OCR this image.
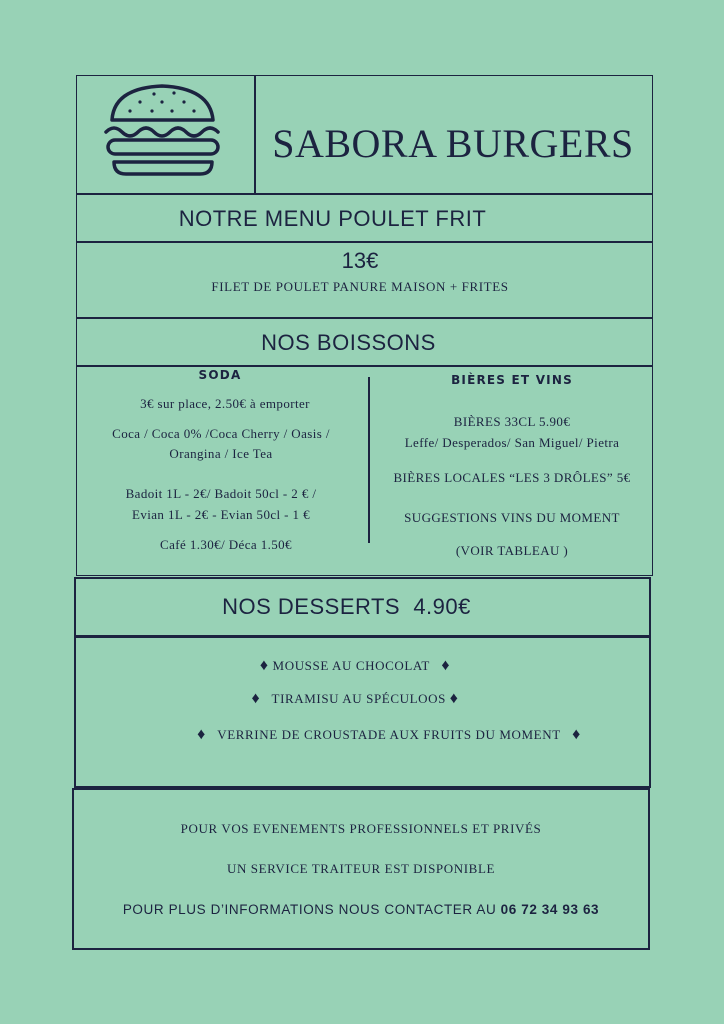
SABORA BURGERS
NOTRE MENU POULET FRIT
13€
FILET DE POULET PANURE MAISON + FRITES
NOS BOISSONS
SODA
3€ sur place, 2.50€ à emporter
Coca / Coca 0% /Coca Cherry / Oasis /
Orangina / Ice Tea
Badoit 1L - 2€/ Badoit 50cl - 2 € /
Evian 1L - 2€ - Evian 50cl - 1 €
Café 1.30€/ Déca 1.50€
BIÈRES ET VINS
BIÈRES 33CL 5.90€
Leffe/ Desperados/ San Miguel/ Pietra
BIÈRES LOCALES “LES 3 DRÔLES” 5€
SUGGESTIONS VINS DU MOMENT
(VOIR TABLEAU )
NOS DESSERTS  4.90€
♦ MOUSSE AU CHOCOLAT ♦
♦ TIRAMISU AU SPÉCULOOS ♦
♦ VERRINE DE CROUSTADE AUX FRUITS DU MOMENT ♦
POUR VOS EVENEMENTS PROFESSIONNELS ET PRIVÉS
UN SERVICE TRAITEUR EST DISPONIBLE
POUR PLUS D’INFORMATIONS NOUS CONTACTER AU 06 72 34 93 63
